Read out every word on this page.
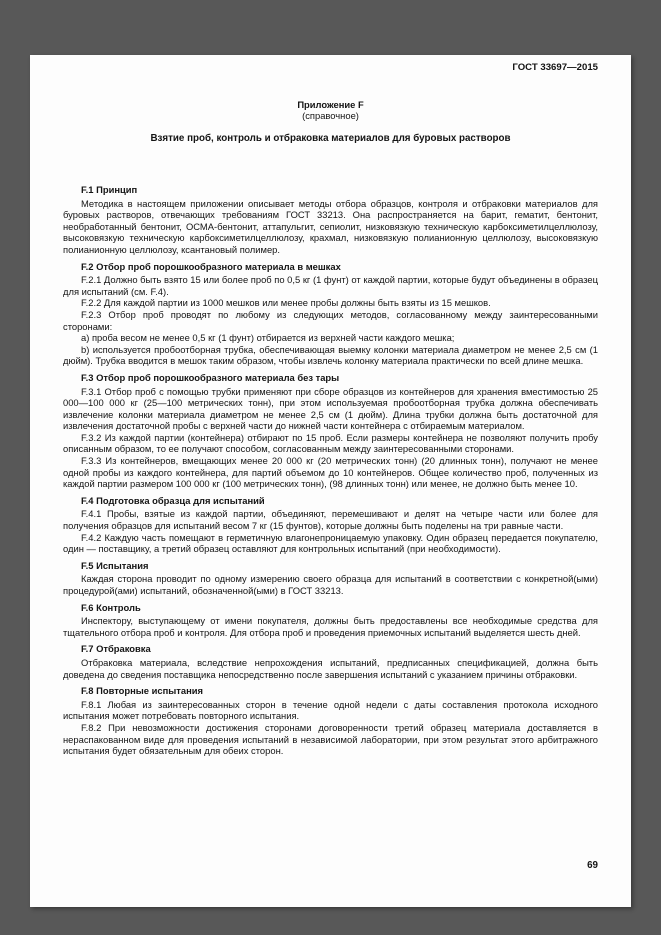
ГОСТ 33697—2015
Приложение F
(справочное)
Взятие проб, контроль и отбраковка материалов для буровых растворов

F.1 Принцип

Методика в настоящем приложении описывает методы отбора образцов, контроля и отбраковки материалов для буровых растворов, отвечающих требованиям ГОСТ 33213. Она распространяется на барит, гематит, бентонит, необработанный бентонит, ОСМА-бентонит, аттапульгит, сепиолит, низковязкую техническую карбоксиметилцеллюлозу, высоковязкую техническую карбоксиметилцеллюлозу, крахмал, низковязкую полианионную целлюлозу, высоковязкую полианионную целлюлозу, ксантановый полимер.

F.2 Отбор проб порошкообразного материала в мешках

F.2.1 Должно быть взято 15 или более проб по 0,5 кг (1 фунт) от каждой партии, которые будут объединены в образец для испытаний (см. F.4).

F.2.2 Для каждой партии из 1000 мешков или менее пробы должны быть взяты из 15 мешков.

F.2.3 Отбор проб проводят по любому из следующих методов, согласованному между заинтересованными сторонами:

a) проба весом не менее 0,5 кг (1 фунт) отбирается из верхней части каждого мешка;

b) используется пробоотборная трубка, обеспечивающая выемку колонки материала диаметром не менее 2,5 см (1 дюйм). Трубка вводится в мешок таким образом, чтобы извлечь колонку материала практически по всей длине мешка.

F.3 Отбор проб порошкообразного материала без тары

F.3.1 Отбор проб с помощью трубки применяют при сборе образцов из контейнеров для хранения вместимостью 25 000—100 000 кг (25—100 метрических тонн), при этом используемая пробоотборная трубка должна обеспечивать извлечение колонки материала диаметром не менее 2,5 см (1 дюйм). Длина трубки должна быть достаточной для извлечения достаточной пробы с верхней части до нижней части контейнера с отбираемым материалом.

F.3.2 Из каждой партии (контейнера) отбирают по 15 проб. Если размеры контейнера не позволяют получить пробу описанным образом, то ее получают способом, согласованным между заинтересованными сторонами.

F.3.3 Из контейнеров, вмещающих менее 20 000 кг (20 метрических тонн) (20 длинных тонн), получают не менее одной пробы из каждого контейнера, для партий объемом до 10 контейнеров. Общее количество проб, полученных из каждой партии размером 100 000 кг (100 метрических тонн), (98 длинных тонн) или менее, не должно быть менее 10.

F.4 Подготовка образца для испытаний

F.4.1 Пробы, взятые из каждой партии, объединяют, перемешивают и делят на четыре части или более для получения образцов для испытаний весом 7 кг (15 фунтов), которые должны быть поделены на три равные части.

F.4.2 Каждую часть помещают в герметичную влагонепроницаемую упаковку. Один образец передается покупателю, один — поставщику, а третий образец оставляют для контрольных испытаний (при необходимости).

F.5 Испытания

Каждая сторона проводит по одному измерению своего образца для испытаний в соответствии с конкретной(ыми) процедурой(ами) испытаний, обозначенной(ыми) в ГОСТ 33213.

F.6 Контроль

Инспектору, выступающему от имени покупателя, должны быть предоставлены все необходимые средства для тщательного отбора проб и контроля. Для отбора проб и проведения приемочных испытаний выделяется шесть дней.

F.7 Отбраковка

Отбраковка материала, вследствие непрохождения испытаний, предписанных спецификацией, должна быть доведена до сведения поставщика непосредственно после завершения испытаний с указанием причины отбраковки.

F.8 Повторные испытания

F.8.1 Любая из заинтересованных сторон в течение одной недели с даты составления протокола исходного испытания может потребовать повторного испытания.

F.8.2 При невозможности достижения сторонами договоренности третий образец материала доставляется в нераспакованном виде для проведения испытаний в независимой лаборатории, при этом результат этого арбитражного испытания будет обязательным для обеих сторон.

69
